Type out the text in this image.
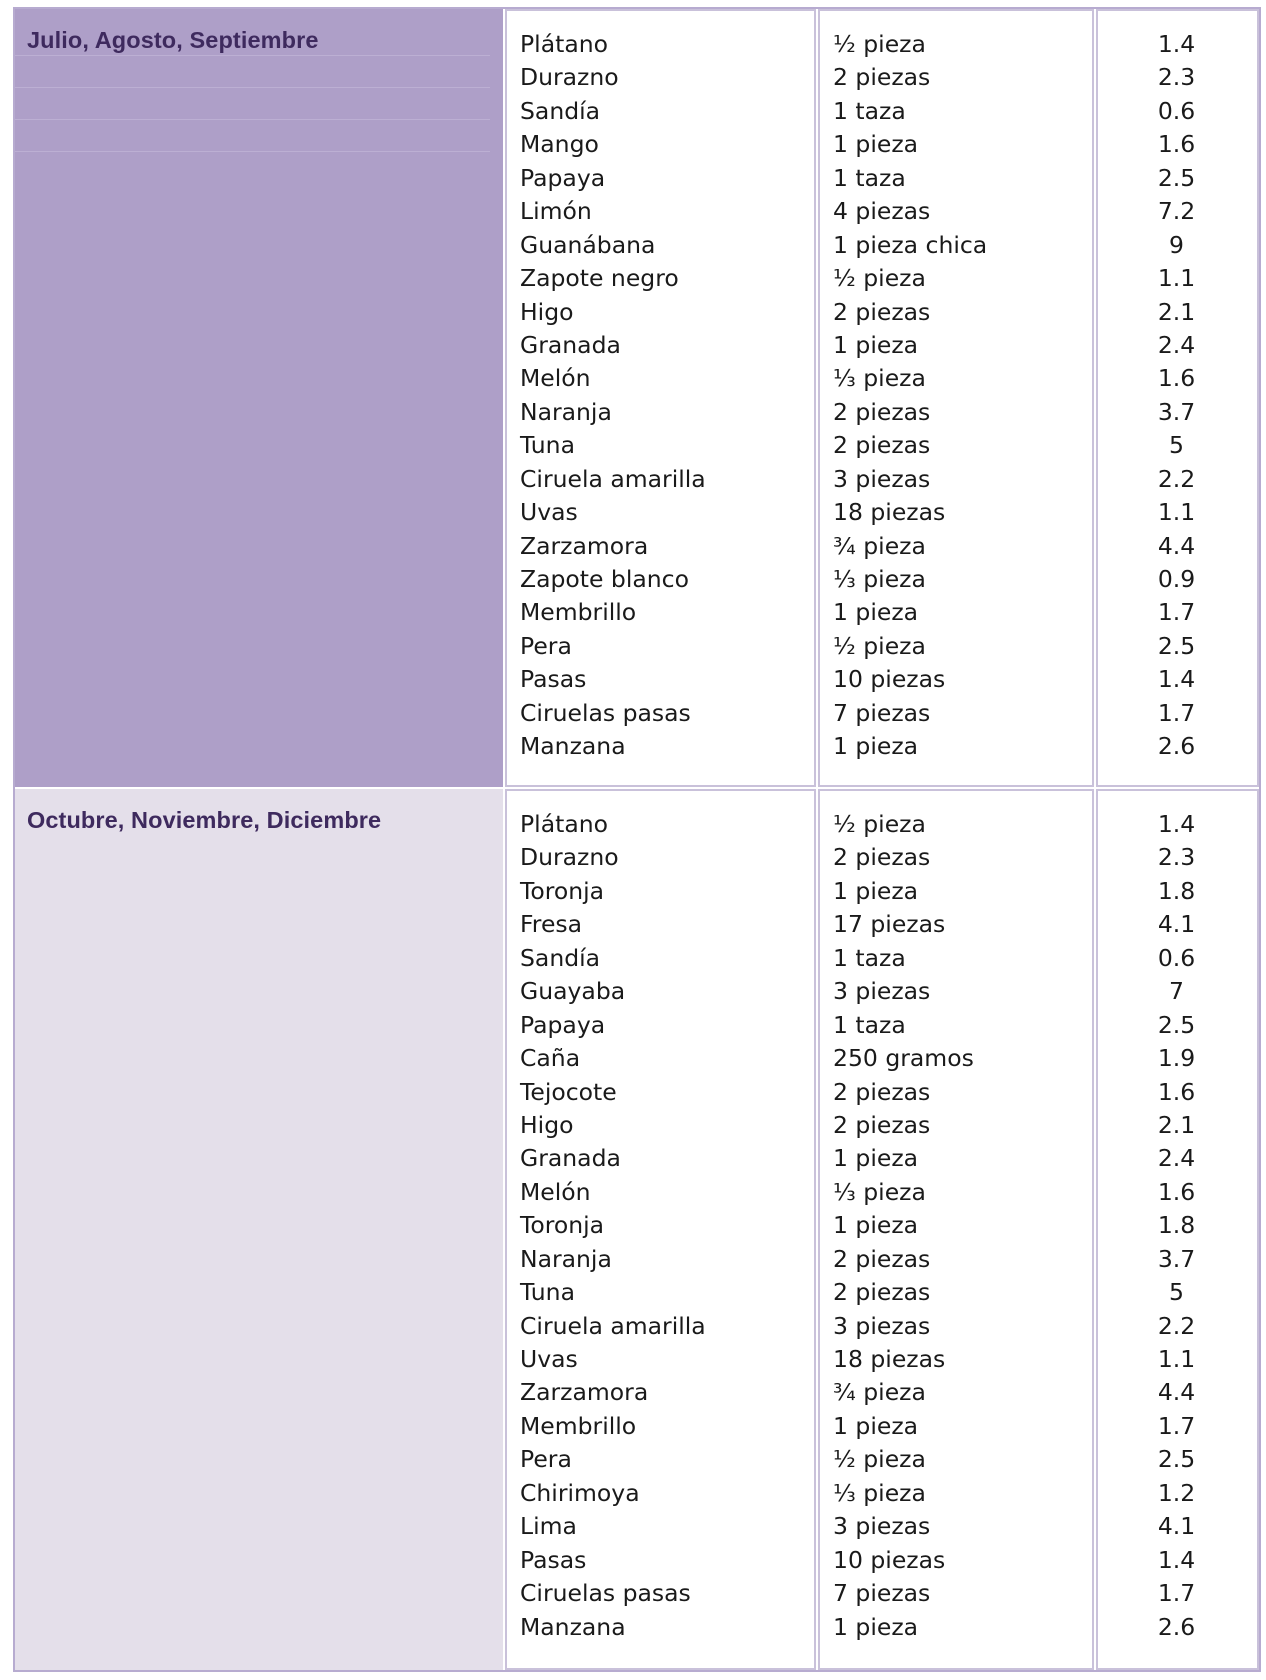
Julio, Agosto, Septiembre	Plátano
Durazno
Sandía
Mango
Papaya
Limón
Guanábana
Zapote negro
Higo
Granada
Melón
Naranja
Tuna
Ciruela amarilla
Uvas
Zarzamora
Zapote blanco
Membrillo
Pera
Pasas
Ciruelas pasas
Manzana
½ pieza
2 piezas
1 taza
1 pieza
1 taza
4 piezas
1 pieza chica
½ pieza
2 piezas
1 pieza
⅓ pieza
2 piezas
2 piezas
3 piezas
18 piezas
¾ pieza
⅓ pieza
1 pieza
½ pieza
10 piezas
7 piezas
1 pieza
1.4
2.3
0.6
1.6
2.5
7.2
9
1.1
2.1
2.4
1.6
3.7
5
2.2
1.1
4.4
0.9
1.7
2.5
1.4
1.7
2.6
Octubre, Noviembre, Diciembre	Plátano
Durazno
Toronja
Fresa
Sandía
Guayaba
Papaya
Caña
Tejocote
Higo
Granada
Melón
Toronja
Naranja
Tuna
Ciruela amarilla
Uvas
Zarzamora
Membrillo
Pera
Chirimoya
Lima
Pasas
Ciruelas pasas
Manzana
½ pieza
2 piezas
1 pieza
17 piezas
1 taza
3 piezas
1 taza
250 gramos
2 piezas
2 piezas
1 pieza
⅓ pieza
1 pieza
2 piezas
2 piezas
3 piezas
18 piezas
¾ pieza
1 pieza
½ pieza
⅓ pieza
3 piezas
10 piezas
7 piezas
1 pieza
1.4
2.3
1.8
4.1
0.6
7
2.5
1.9
1.6
2.1
2.4
1.6
1.8
3.7
5
2.2
1.1
4.4
1.7
2.5
1.2
4.1
1.4
1.7
2.6
